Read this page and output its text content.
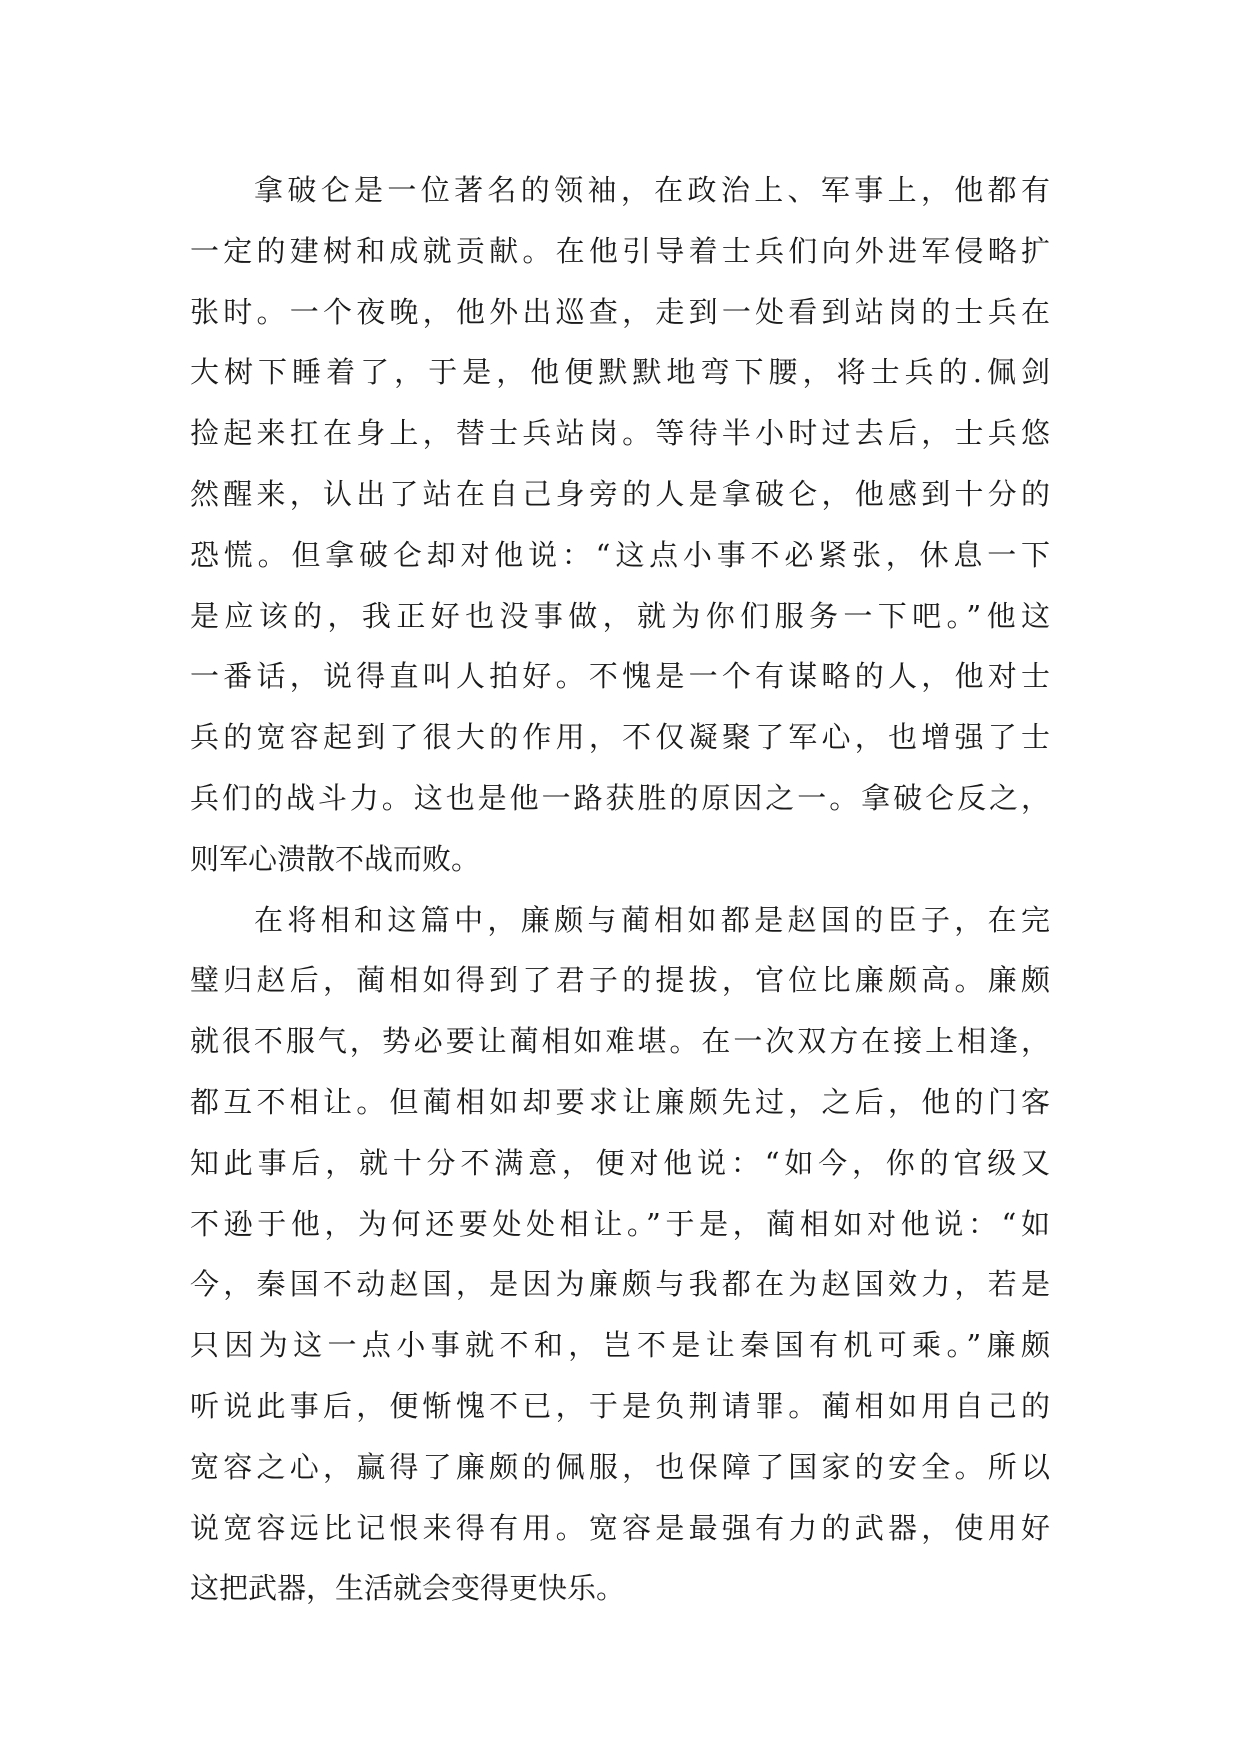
拿破仑是一位著名的领袖，在政治上、军事上，他都有
一定的建树和成就贡献。在他引导着士兵们向外进军侵略扩
张时。一个夜晚，他外出巡查，走到一处看到站岗的士兵在
大树下睡着了，于是，他便默默地弯下腰，将士兵的.佩剑
捡起来扛在身上，替士兵站岗。等待半小时过去后，士兵悠
然醒来，认出了站在自己身旁的人是拿破仑，他感到十分的
恐慌。但拿破仑却对他说：“这点小事不必紧张，休息一下
是应该的，我正好也没事做，就为你们服务一下吧。”他这
一番话，说得直叫人拍好。不愧是一个有谋略的人，他对士
兵的宽容起到了很大的作用，不仅凝聚了军心，也增强了士
兵们的战斗力。这也是他一路获胜的原因之一。拿破仑反之，
则军心溃散不战而败。
在将相和这篇中，廉颇与蔺相如都是赵国的臣子，在完
璧归赵后，蔺相如得到了君子的提拔，官位比廉颇高。廉颇
就很不服气，势必要让蔺相如难堪。在一次双方在接上相逢，
都互不相让。但蔺相如却要求让廉颇先过，之后，他的门客
知此事后，就十分不满意，便对他说：“如今，你的官级又
不逊于他，为何还要处处相让。”于是，蔺相如对他说：“如
今，秦国不动赵国，是因为廉颇与我都在为赵国效力，若是
只因为这一点小事就不和，岂不是让秦国有机可乘。”廉颇
听说此事后，便惭愧不已，于是负荆请罪。蔺相如用自己的
宽容之心，赢得了廉颇的佩服，也保障了国家的安全。所以
说宽容远比记恨来得有用。宽容是最强有力的武器，使用好
这把武器，生活就会变得更快乐。
